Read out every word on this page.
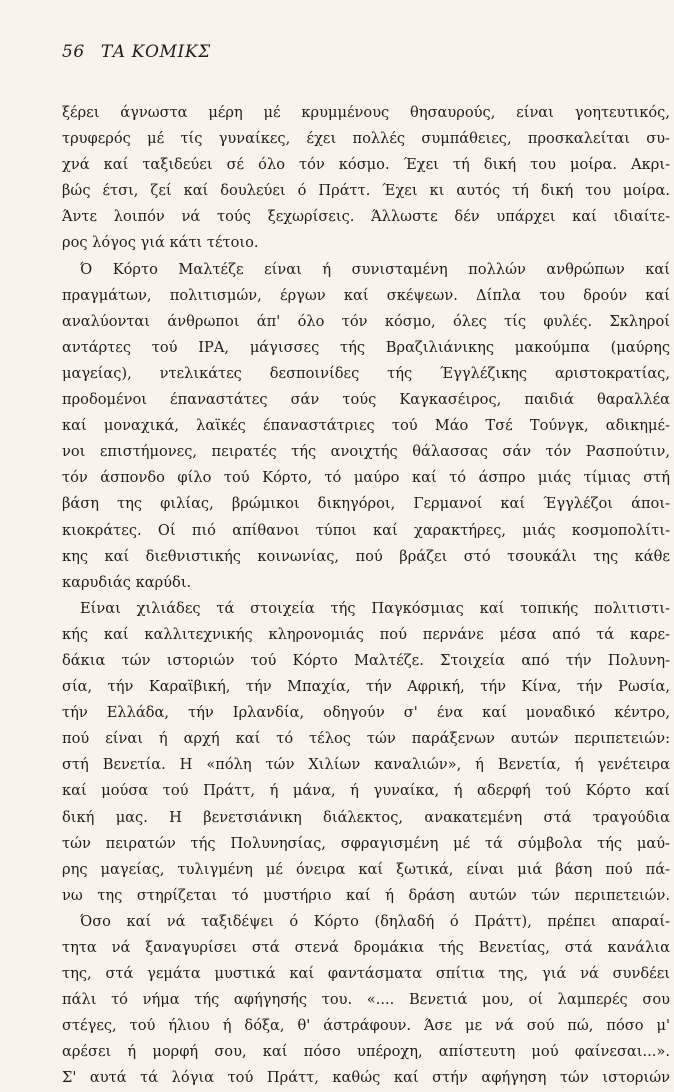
56 ΤΑ ΚΟΜΙΚΣ
ξέρει άγνωστα μέρη μέ κρυμμένους θησαυρούς, είναι γοητευτικός,
τρυφερός μέ τίς γυναίκες, έχει πολλές συμπάθειες, προσκαλείται συ-
χνά καί ταξιδεύει σέ όλο τόν κόσμο. Έχει τή δική του μοίρα. Ακρι-
βώς έτσι, ζεί καί δουλεύει ό Πράττ. Έχει κι αυτός τή δική του μοίρα.
Άντε λοιπόν νά τούς ξεχωρίσεις. Άλλωστε δέν υπάρχει καί ιδιαίτε-
ρος λόγος γιά κάτι τέτοιο.
Ό Κόρτο Μαλτέζε είναι ή συνισταμένη πολλών ανθρώπων καί
πραγμάτων, πολιτισμών, έργων καί σκέψεων. Δίπλα του δρούν καί
αναλύονται άνθρωποι άπ' όλο τόν κόσμο, όλες τίς φυλές. Σκληροί
αντάρτες τού ΙΡΑ, μάγισσες τής Βραζιλιάνικης μακούμπα (μαύρης
μαγείας), ντελικάτες δεσποινίδες τής Έγγλέζικης αριστοκρατίας,
προδομένοι έπαναστάτες σάν τούς Καγκασέιρος, παιδιά θαραλλέα
καί μοναχικά, λαϊκές έπαναστάτριες τού Μάο Τσέ Τούνγκ, αδικημέ-
νοι επιστήμονες, πειρατές τής ανοιχτής θάλασσας σάν τόν Ρασπούτιν,
τόν άσπονδο φίλο τού Κόρτο, τό μαύρο καί τό άσπρο μιάς τίμιας στή
βάση της φιλίας, βρώμικοι δικηγόροι, Γερμανοί καί Έγγλέζοι άποι-
κιοκράτες. Οί πιό απίθανοι τύποι καί χαρακτήρες, μιάς κοσμοπολίτι-
κης καί διεθνιστικής κοινωνίας, πού βράζει στό τσουκάλι της κάθε
καρυδιάς καρύδι.
Είναι χιλιάδες τά στοιχεία τής Παγκόσμιας καί τοπικής πολιτιστι-
κής καί καλλιτεχνικής κληρονομιάς πού περνάνε μέσα από τά καρε-
δάκια τών ιστοριών τού Κόρτο Μαλτέζε. Στοιχεία από τήν Πολυνη-
σία, τήν Καραϊβική, τήν Μπαχία, τήν Αφρική, τήν Κίνα, τήν Ρωσία,
τήν Ελλάδα, τήν Ιρλανδία, οδηγούν σ' ένα καί μοναδικό κέντρο,
πού είναι ή αρχή καί τό τέλος τών παράξενων αυτών περιπετειών:
στή Βενετία. Η «πόλη τών Χιλίων καναλιών», ή Βενετία, ή γενέτειρα
καί μούσα τού Πράττ, ή μάνα, ή γυναίκα, ή αδερφή τού Κόρτο καί
δική μας. Η βενετσιάνικη διάλεκτος, ανακατεμένη στά τραγούδια
τών πειρατών τής Πολυνησίας, σφραγισμένη μέ τά σύμβολα τής μαύ-
ρης μαγείας, τυλιγμένη μέ όνειρα καί ξωτικά, είναι μιά βάση πού πά-
νω της στηρίζεται τό μυστήριο καί ή δράση αυτών τών περιπετειών.
Όσο καί νά ταξιδέψει ό Κόρτο (δηλαδή ό Πράττ), πρέπει απαραί-
τητα νά ξαναγυρίσει στά στενά δρομάκια τής Βενετίας, στά κανάλια
της, στά γεμάτα μυστικά καί φαντάσματα σπίτια της, γιά νά συνδέει
πάλι τό νήμα τής αφήγησής του. «.... Βενετιά μου, οί λαμπερές σου
στέγες, τού ήλιου ή δόξα, θ' άστράφουν. Άσε με νά σού πώ, πόσο μ'
αρέσει ή μορφή σου, καί πόσο υπέροχη, απίστευτη μού φαίνεσαι...».
Σ' αυτά τά λόγια τού Πράττ, καθώς καί στήν αφήγηση τών ιστοριών
